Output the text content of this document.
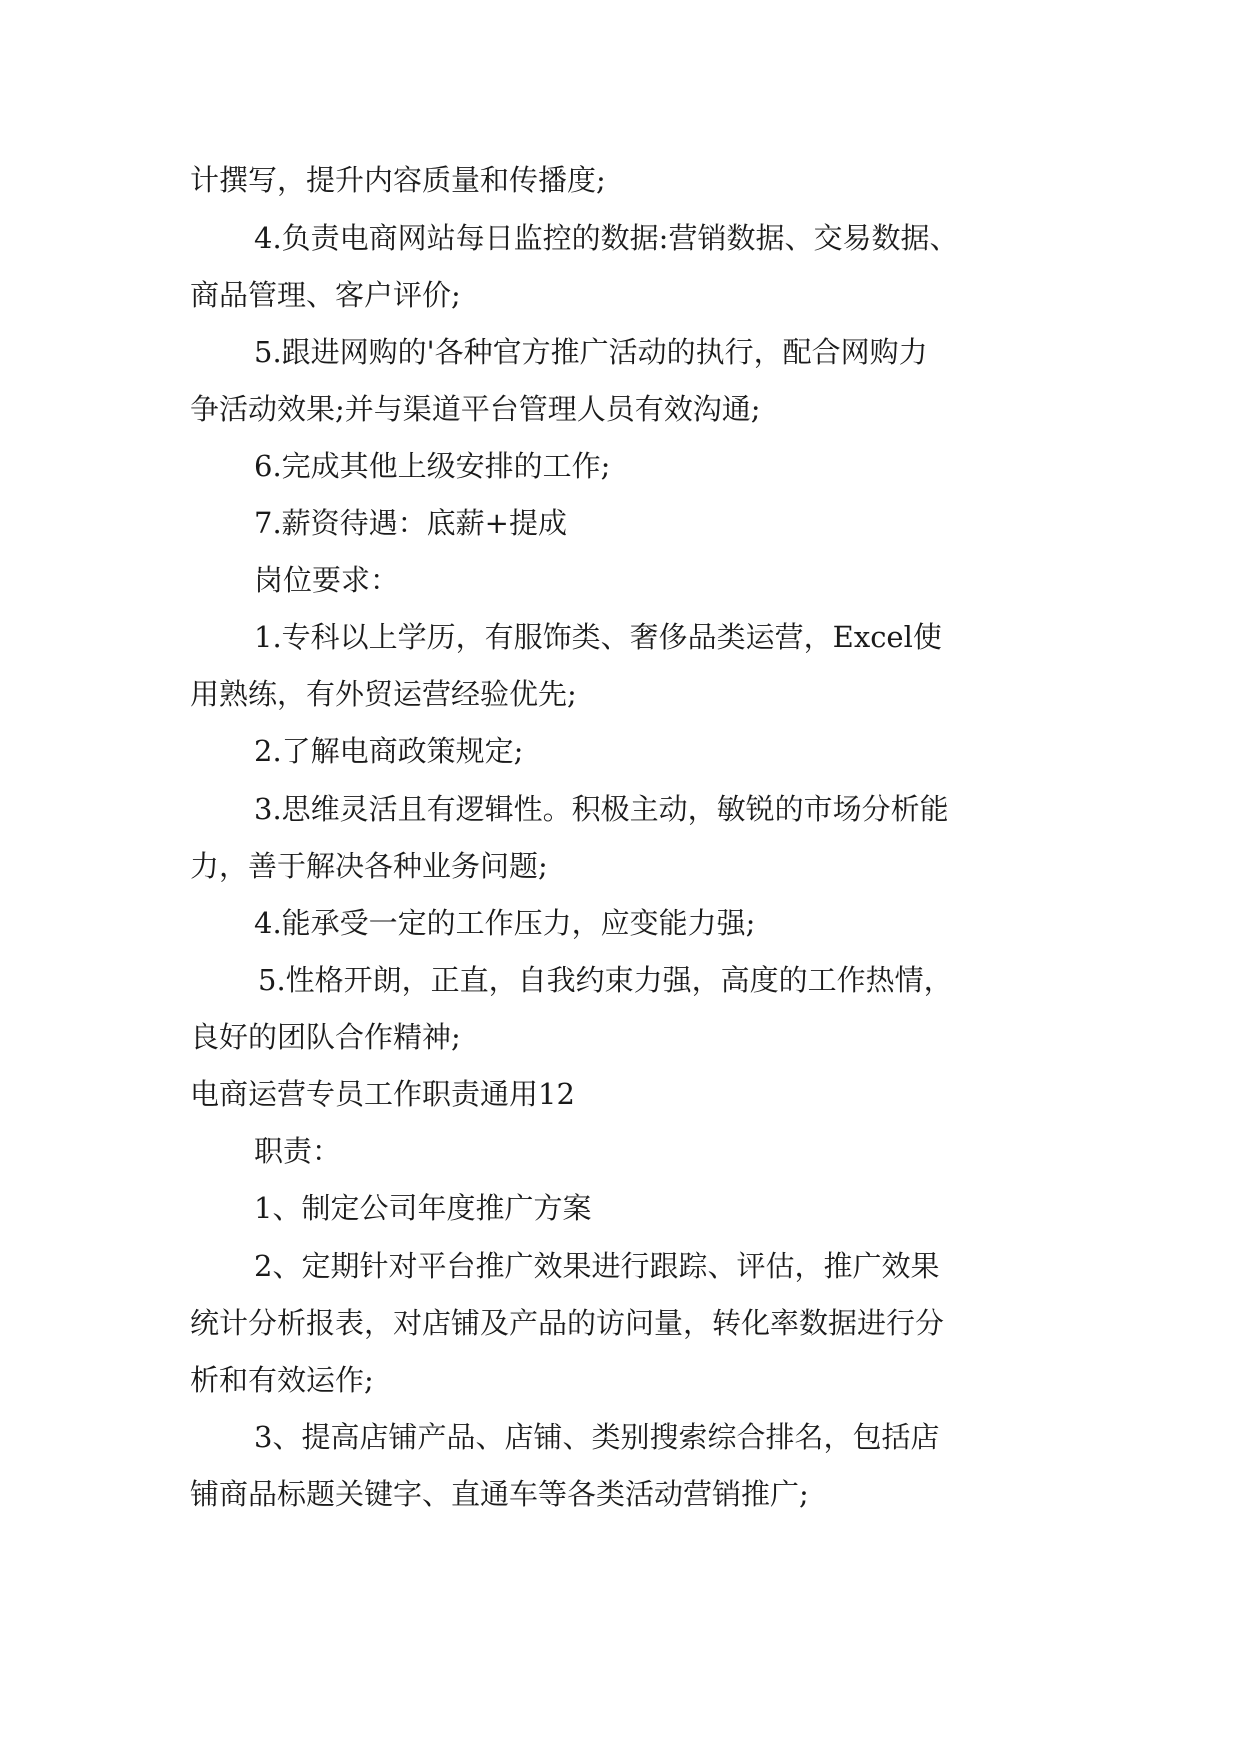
计撰写，提升内容质量和传播度;
4.负责电商网站每日监控的数据:营销数据、交易数据、
商品管理、客户评价;
5.跟进网购的'各种官方推广活动的执行，配合网购力
争活动效果;并与渠道平台管理人员有效沟通;
6.完成其他上级安排的工作;
7.薪资待遇：底薪+提成
岗位要求：
1.专科以上学历，有服饰类、奢侈品类运营，Excel使
用熟练，有外贸运营经验优先;
2.了解电商政策规定;
3.思维灵活且有逻辑性。积极主动，敏锐的市场分析能
力，善于解决各种业务问题;
4.能承受一定的工作压力，应变能力强;
5.性格开朗，正直，自我约束力强，高度的工作热情，
良好的团队合作精神;
电商运营专员工作职责通用12
职责：
1、制定公司年度推广方案
2、定期针对平台推广效果进行跟踪、评估，推广效果
统计分析报表，对店铺及产品的访问量，转化率数据进行分
析和有效运作;
3、提高店铺产品、店铺、类别搜索综合排名，包括店
铺商品标题关键字、直通车等各类活动营销推广;
